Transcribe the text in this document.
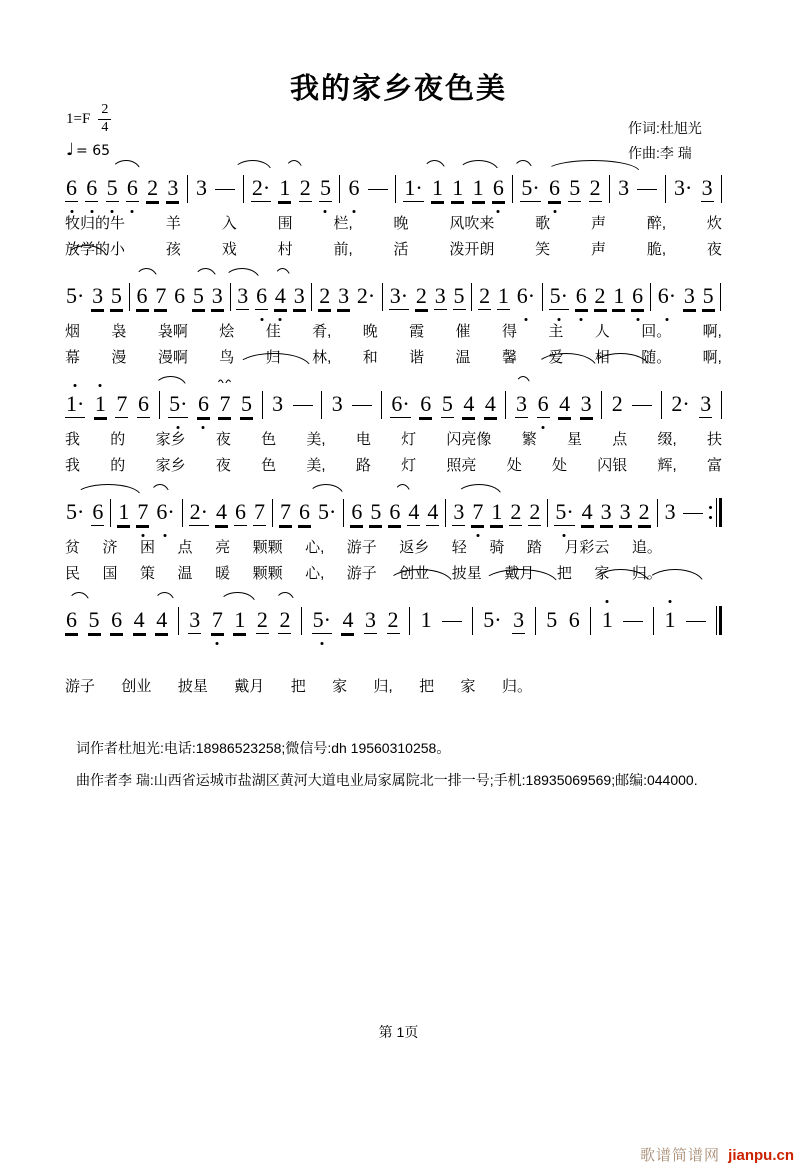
我的家乡夜色美
$1=F \frac{2}{4}$
♩ = 65
作词:杜旭光
作曲:李 瑞
6 6 5 6 2 3 3 2· 1 2 5 6 1· 1 1 1 6 5· 6 5 2 3 3· 3
牧归的牛	羊	入	围	栏,	晚	风吹来	歌	声	醉,	炊
放学的小	孩	戏	村	前,	活	泼开朗	笑	声	脆,	夜
5· 3 5 6 7 6 5 3 3 6 4 3 2 3 2· 3· 2 3 5 2 1 6· 5· 6 2 1 6 6· 3 5
烟 袅 袅啊 烩 佳 肴, 晚 霞 催 得 主 人 回。 啊,
幕 漫 漫啊 鸟 归 林, 和 谐 温 馨 爱 相 随。 啊,
1· 1 7 6 5· 6 7 5 3 3 6· 6 5 4 4 3 6 4 3 2 2· 3
我 的 家乡 夜 色 美, 电 灯 闪亮像 繁 星 点 缀, 扶
我 的 家乡 夜 色 美, 路 灯 照亮 处 处 闪银 辉, 富
5· 6 1 7 6· 2· 4 6 7 7 6 5· 6 5 6 4 4 3 7 1 2 2 5· 4 3 3 2 3
贫 济 困 点 亮 颗颗 心, 游子 返乡 轻 骑 踏 月彩云 追。
民 国 策 温 暖 颗颗 心, 游子 创业 披星 戴月 把 家 归。
6 5 6 4 4 3 7 1 2 2 5· 4 3 2 1 5· 3 5 6 1 1
游子 创业 披星 戴月 把 家 归, 把 家 归。
词作者杜旭光:电话:18986523258;微信号:dh 19560310258。
曲作者李 瑞:山西省运城市盐湖区黄河大道电业局家属院北一排一号;手机:18935069569;邮编:044000.
第 1页
歌谱简谱网 jianpu.cn
